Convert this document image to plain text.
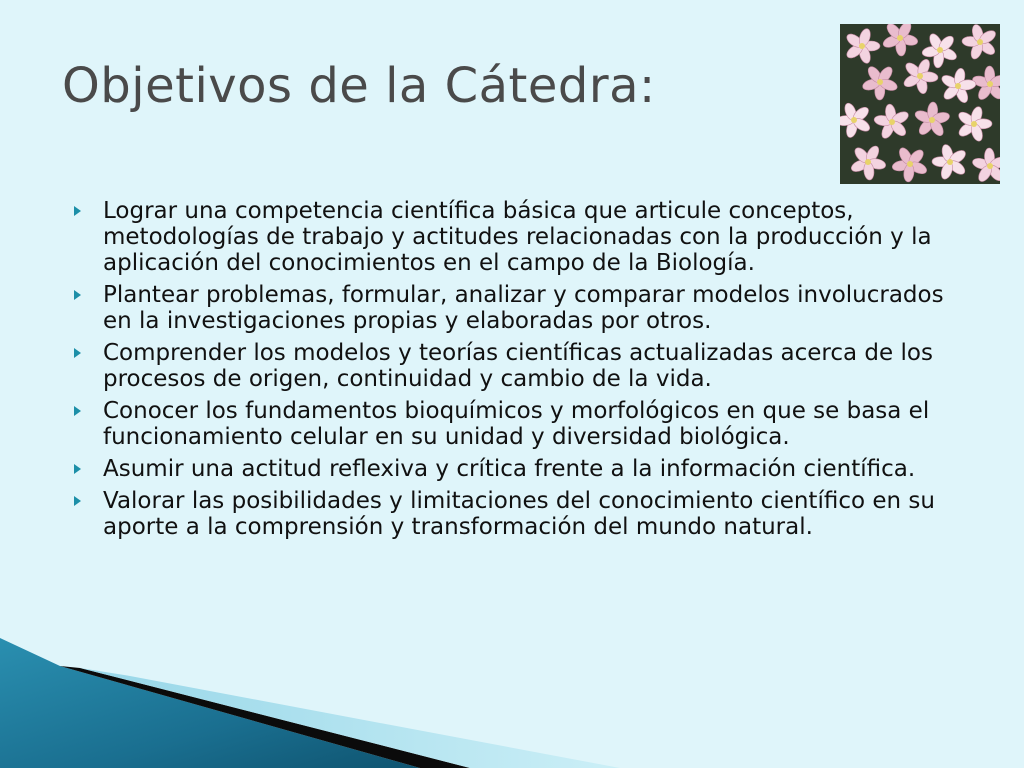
Objetivos de la Cátedra:
Lograr una competencia científica básica que articule conceptos, metodologías de trabajo y actitudes relacionadas con la producción y la aplicación del conocimientos en el campo de la Biología.
Plantear problemas, formular, analizar y comparar modelos involucrados en la investigaciones propias y elaboradas por otros.
Comprender los modelos y teorías científicas actualizadas acerca de los procesos de origen, continuidad y cambio de la vida.
Conocer los fundamentos bioquímicos y morfológicos en que se basa el funcionamiento celular en su unidad y diversidad biológica.
Asumir una actitud reflexiva y crítica frente a la información científica.
Valorar las posibilidades y limitaciones del conocimiento científico en su aporte a la comprensión y transformación del mundo natural.
